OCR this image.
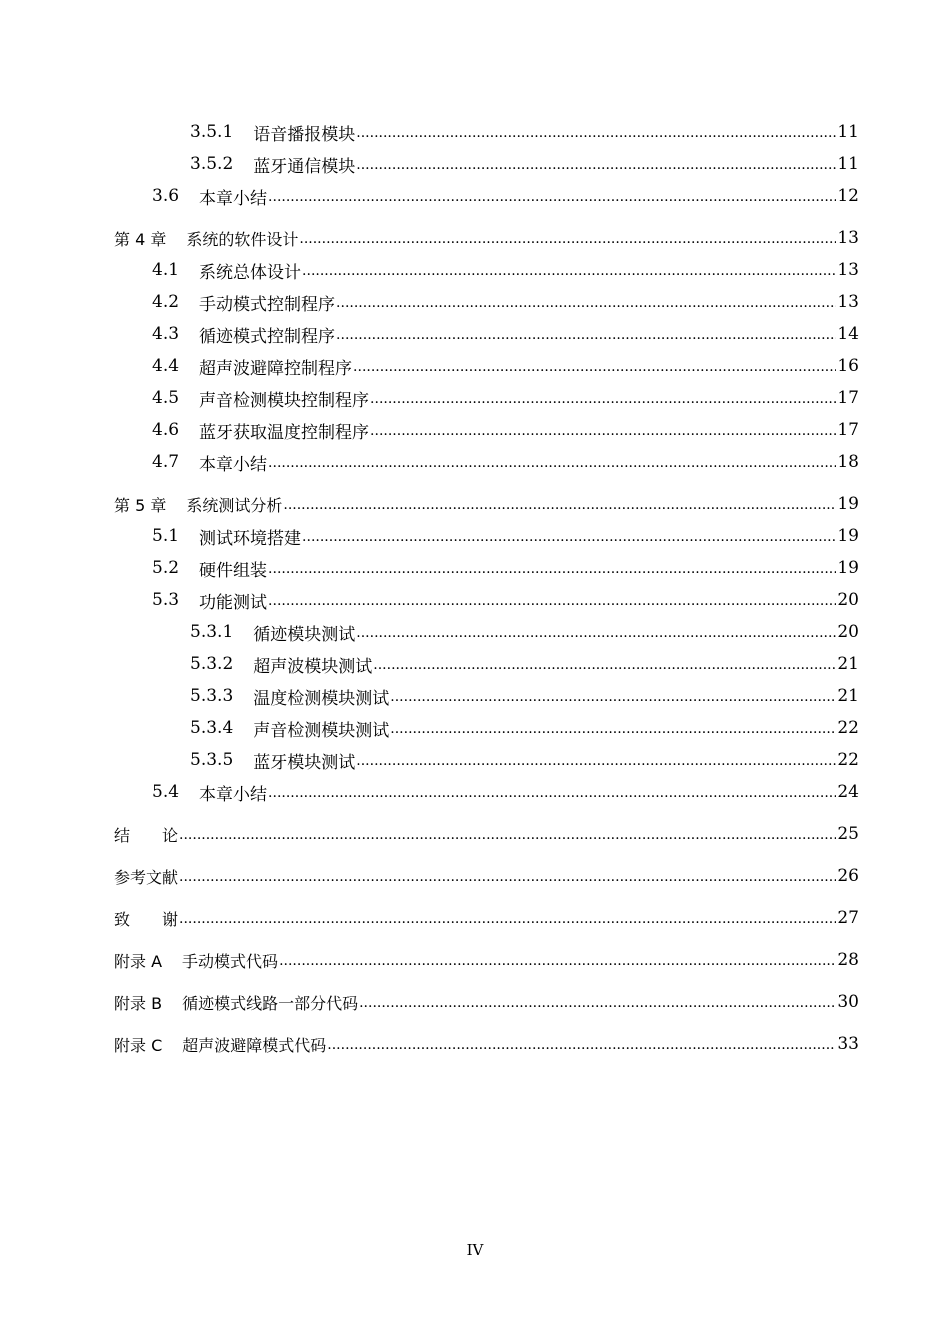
3.5.1 语音播报模块 .....	11
3.5.2 蓝牙通信模块 .....	11
3.6 本章小结 .....	12
第 4 章 系统的软件设计 .....	13
4.1 系统总体设计 .....	13
4.2 手动模式控制程序 .....	13
4.3 循迹模式控制程序 .....	14
4.4 超声波避障控制程序 .....	16
4.5 声音检测模块控制程序 .....	17
4.6 蓝牙获取温度控制程序 .....	17
4.7 本章小结 .....	18
第 5 章 系统测试分析 .....	19
5.1 测试环境搭建 .....	19
5.2 硬件组装 .....	19
5.3 功能测试 .....	20
5.3.1 循迹模块测试 .....	20
5.3.2 超声波模块测试 .....	21
5.3.3 温度检测模块测试 .....	21
5.3.4 声音检测模块测试 .....	22
5.3.5 蓝牙模块测试 .....	22
5.4 本章小结 .....	24
结　　论 .....	25
参考文献 .....	26
致　　谢 .....	27
附录 A 手动模式代码 .....	28
附录 B 循迹模式线路一部分代码 .....	30
附录 C 超声波避障模式代码 .....	33
IV
